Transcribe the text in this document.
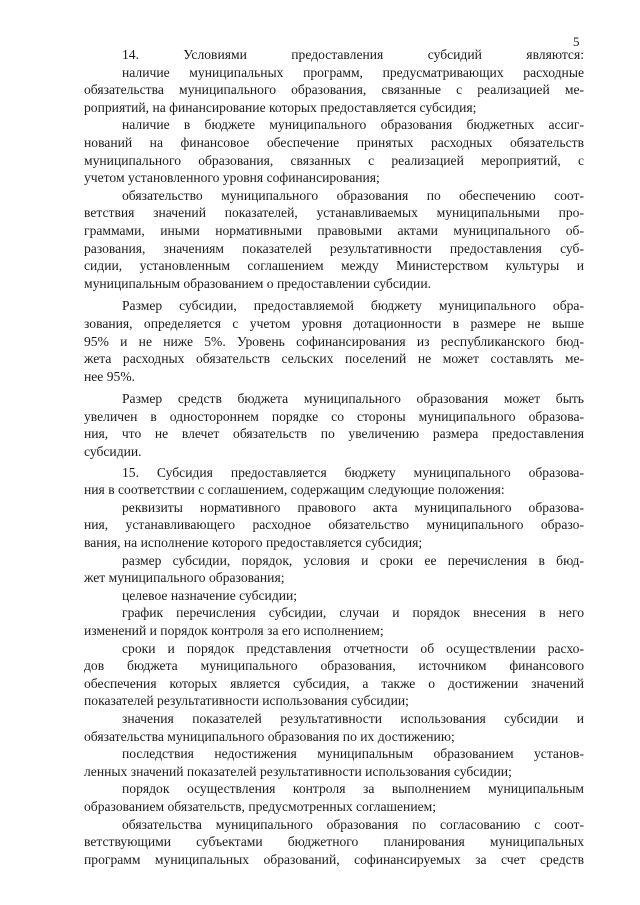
5
14. Условиями предоставления субсидий являются:
наличие муниципальных программ, предусматривающих расходные
обязательства муниципального образования, связанные с реализацией ме-
роприятий, на финансирование которых предоставляется субсидия;
наличие в бюджете муниципального образования бюджетных ассиг-
нований на финансовое обеспечение принятых расходных обязательств
муниципального образования, связанных с реализацией мероприятий, с
учетом установленного уровня софинансирования;
обязательство муниципального образования по обеспечению соот-
ветствия значений показателей, устанавливаемых муниципальными про-
граммами, иными нормативными правовыми актами муниципального об-
разования, значениям показателей результативности предоставления суб-
сидии, установленным соглашением между Министерством культуры и
муниципальным образованием о предоставлении субсидии.
Размер субсидии, предоставляемой бюджету муниципального обра-
зования, определяется с учетом уровня дотационности в размере не выше
95% и не ниже 5%. Уровень софинансирования из республиканского бюд-
жета расходных обязательств сельских поселений не может составлять ме-
нее 95%.
Размер средств бюджета муниципального образования может быть
увеличен в одностороннем порядке со стороны муниципального образова-
ния, что не влечет обязательств по увеличению размера предоставления
субсидии.
15. Субсидия предоставляется бюджету муниципального образова-
ния в соответствии с соглашением, содержащим следующие положения:
реквизиты нормативного правового акта муниципального образова-
ния, устанавливающего расходное обязательство муниципального образо-
вания, на исполнение которого предоставляется субсидия;
размер субсидии, порядок, условия и сроки ее перечисления в бюд-
жет муниципального образования;
целевое назначение субсидии;
график перечисления субсидии, случаи и порядок внесения в него
изменений и порядок контроля за его исполнением;
сроки и порядок представления отчетности об осуществлении расхо-
дов бюджета муниципального образования, источником финансового
обеспечения которых является субсидия, а также о достижении значений
показателей результативности использования субсидии;
значения показателей результативности использования субсидии и
обязательства муниципального образования по их достижению;
последствия недостижения муниципальным образованием установ-
ленных значений показателей результативности использования субсидии;
порядок осуществления контроля за выполнением муниципальным
образованием обязательств, предусмотренных соглашением;
обязательства муниципального образования по согласованию с соот-
ветствующими субъектами бюджетного планирования муниципальных
программ муниципальных образований, софинансируемых за счет средств
